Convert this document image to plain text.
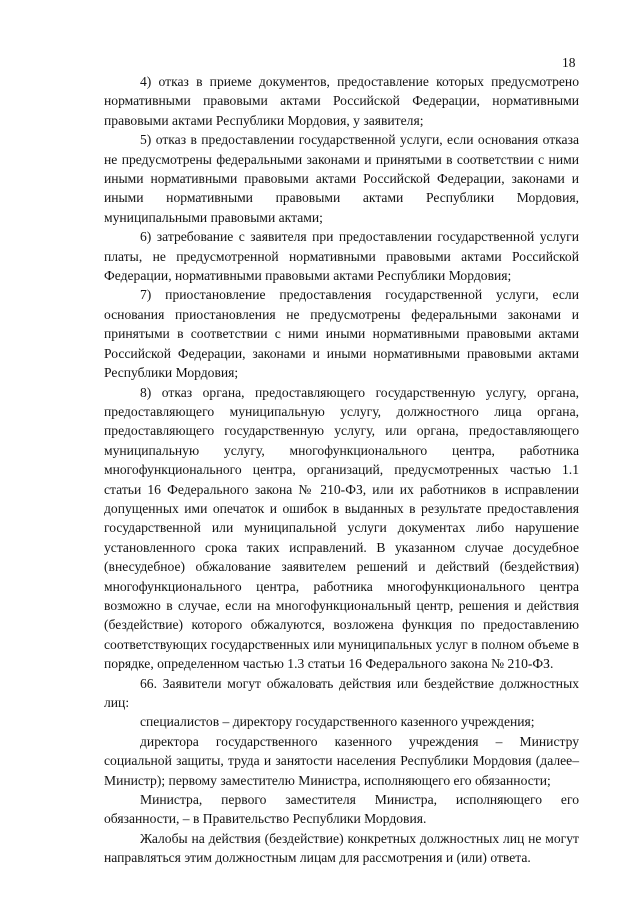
18

4) отказ в приеме документов, предоставление которых предусмотрено нормативными правовыми актами Российской Федерации, нормативными правовыми актами Республики Мордовия, у заявителя;

5) отказ в предоставлении государственной услуги, если основания отказа не предусмотрены федеральными законами и принятыми в соответствии с ними иными нормативными правовыми актами Российской Федерации, законами и иными нормативными правовыми актами Республики Мордовия, муниципальными правовыми актами;

6) затребование с заявителя при предоставлении государственной услуги платы, не предусмотренной нормативными правовыми актами Российской Федерации, нормативными правовыми актами Республики Мордовия;

7) приостановление предоставления государственной услуги, если основания приостановления не предусмотрены федеральными законами и принятыми в соответствии с ними иными нормативными правовыми актами Российской Федерации, законами и иными нормативными правовыми актами Республики Мордовия;

8) отказ органа, предоставляющего государственную услугу, органа, предоставляющего муниципальную услугу, должностного лица органа, предоставляющего государственную услугу, или органа, предоставляющего муниципальную услугу, многофункционального центра, работника многофункционального центра, организаций, предусмотренных частью 1.1 статьи 16 Федерального закона № 210-ФЗ, или их работников в исправлении допущенных ими опечаток и ошибок в выданных в результате предоставления государственной или муниципальной услуги документах либо нарушение установленного срока таких исправлений. В указанном случае досудебное (внесудебное) обжалование заявителем решений и действий (бездействия) многофункционального центра, работника многофункционального центра возможно в случае, если на многофункциональный центр, решения и действия (бездействие) которого обжалуются, возложена функция по предоставлению соответствующих государственных или муниципальных услуг в полном объеме в порядке, определенном частью 1.3 статьи 16 Федерального закона № 210-ФЗ.

66. Заявители могут обжаловать действия или бездействие должностных лиц:

специалистов – директору государственного казенного учреждения;

директора государственного казенного учреждения – Министру социальной защиты, труда и занятости населения Республики Мордовия (далее–Министр); первому заместителю Министра, исполняющего его обязанности;

Министра, первого заместителя Министра, исполняющего его обязанности, – в Правительство Республики Мордовия.

Жалобы на действия (бездействие) конкретных должностных лиц не могут направляться этим должностным лицам для рассмотрения и (или) ответа.
